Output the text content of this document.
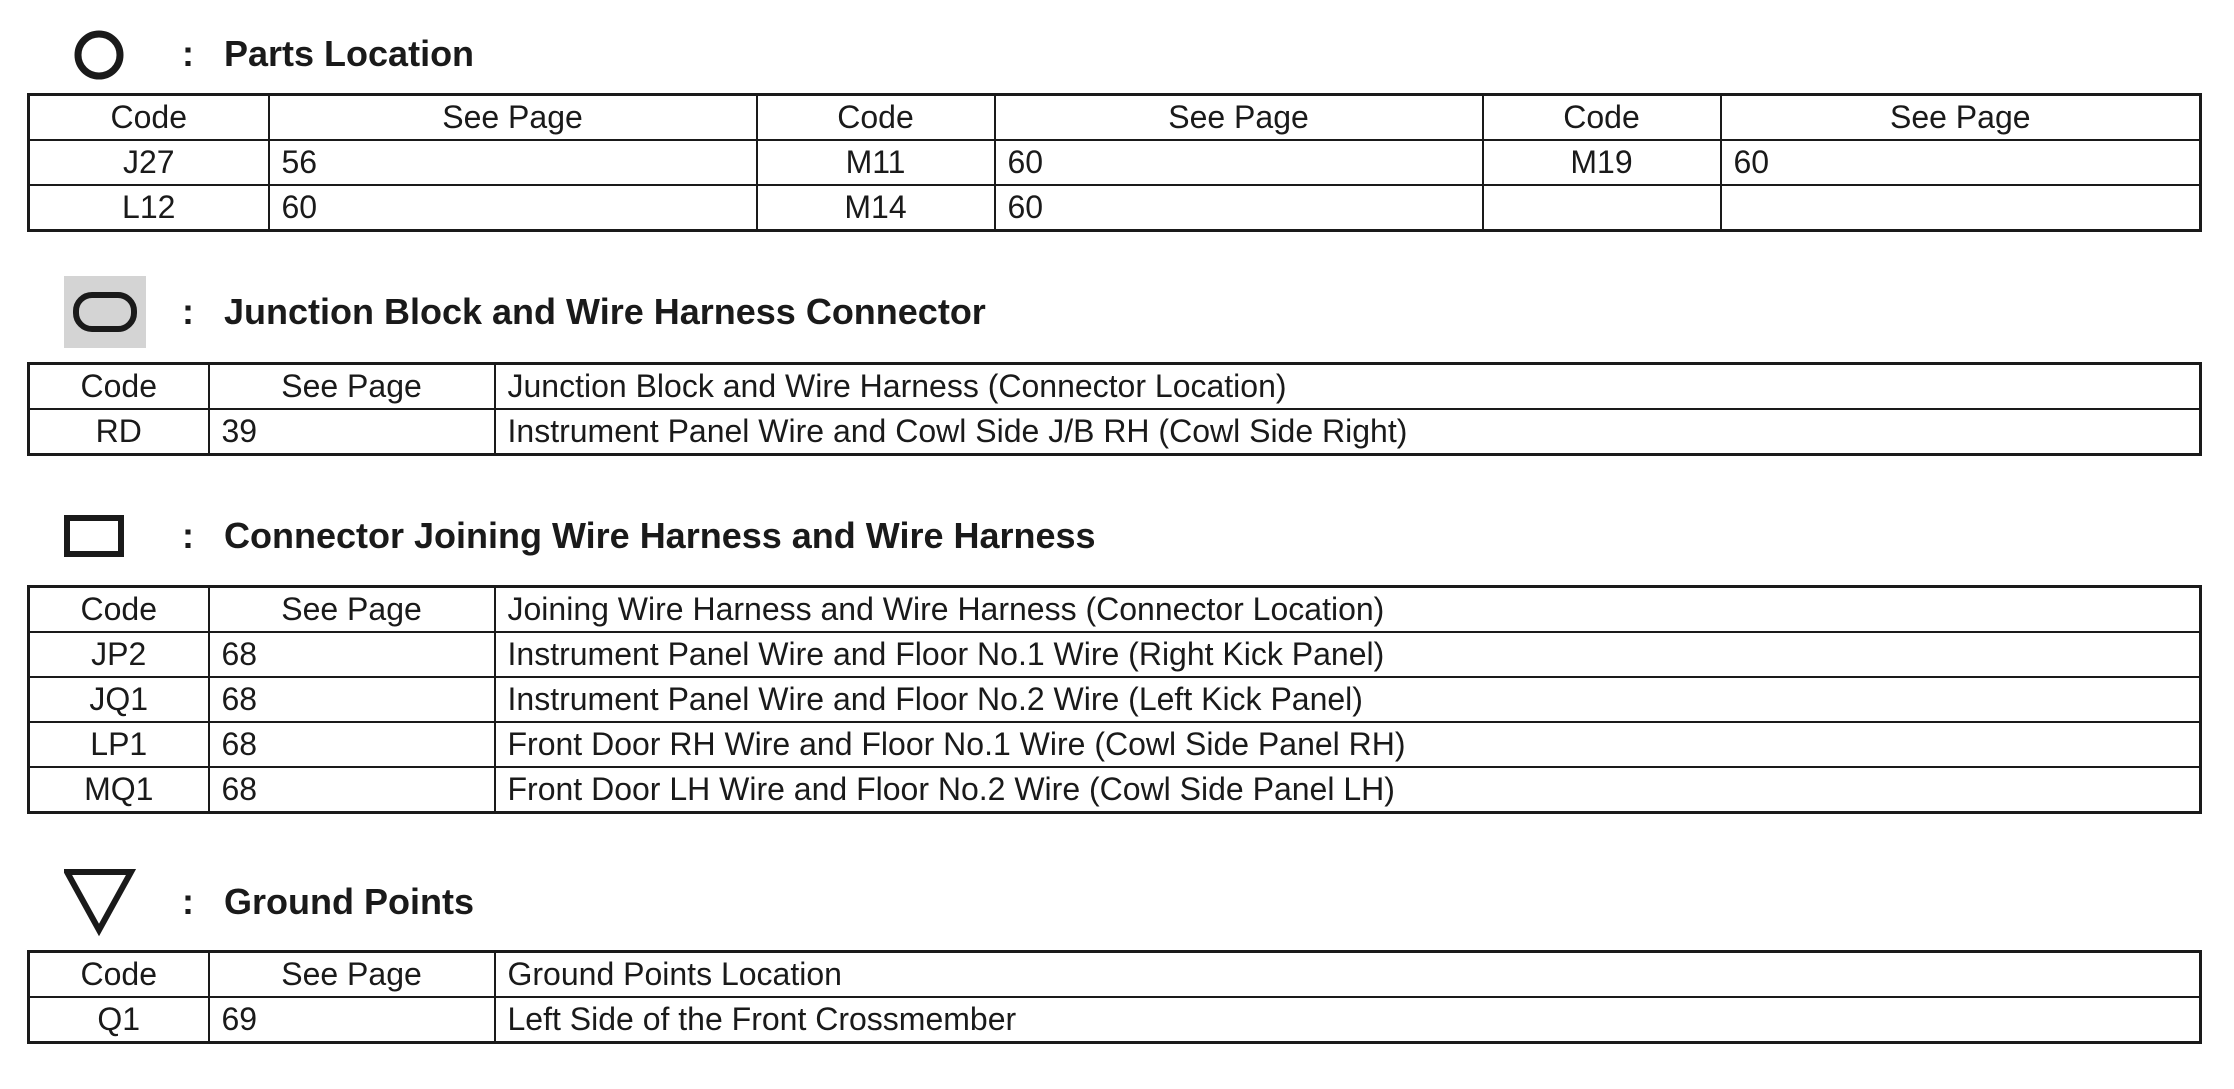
: Parts Location
Code	See Page	Code	See Page	Code	See Page
J27	56	M11	60	M19	60
L12	60	M14	60		
: Junction Block and Wire Harness Connector
Code	See Page	Junction Block and Wire Harness (Connector Location)
RD	39	Instrument Panel Wire and Cowl Side J/B RH (Cowl Side Right)
: Connector Joining Wire Harness and Wire Harness
Code	See Page	Joining Wire Harness and Wire Harness (Connector Location)
JP2	68	Instrument Panel Wire and Floor No.1 Wire (Right Kick Panel)
JQ1	68	Instrument Panel Wire and Floor No.2 Wire (Left Kick Panel)
LP1	68	Front Door RH Wire and Floor No.1 Wire (Cowl Side Panel RH)
MQ1	68	Front Door LH Wire and Floor No.2 Wire (Cowl Side Panel LH)
: Ground Points
Code	See Page	Ground Points Location
Q1	69	Left Side of the Front Crossmember
